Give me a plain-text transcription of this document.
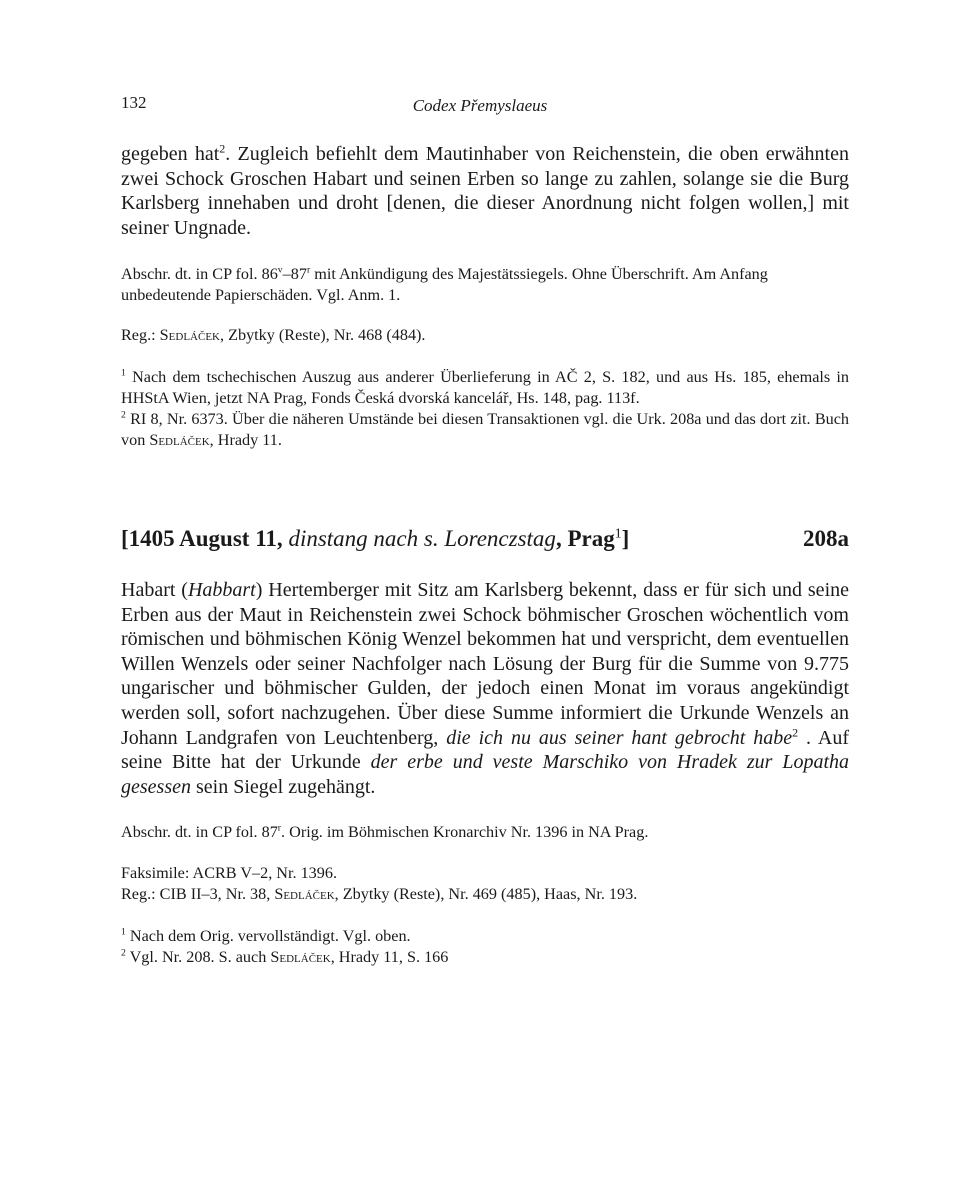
132	Codex Přemyslaeus

gegeben hat$^2$. Zugleich befiehlt dem Mautinhaber von Reichenstein, die oben erwähnten zwei Schock Groschen Habart und seinen Erben so lange zu zahlen, solange sie die Burg Karlsberg innehaben und droht [denen, die dieser Anordnung nicht folgen wollen,] mit seiner Ungnade.

Abschr. dt. in CP fol. 86$^v$–87$^r$ mit Ankündigung des Majestätssiegels. Ohne Überschrift. Am Anfang unbedeutende Papierschäden. Vgl. Anm. 1.

Reg.: Sedláček, Zbytky (Reste), Nr. 468 (484).

$^1$ Nach dem tschechischen Auszug aus anderer Überlieferung in AČ 2, S. 182, und aus Hs. 185, ehemals in HHStA Wien, jetzt NA Prag, Fonds Česká dvorská kancelář, Hs. 148, pag. 113f.

$^2$ RI 8, Nr. 6373. Über die näheren Umstände bei diesen Transaktionen vgl. die Urk. 208a und das dort zit. Buch von Sedláček, Hrady 11.

[1405 August 11, dinstang nach s. Lorenczstag, Prag$^1$]	208a

Habart (Habbart) Hertemberger mit Sitz am Karlsberg bekennt, dass er für sich und seine Erben aus der Maut in Reichenstein zwei Schock böhmischer Groschen wöchentlich vom römischen und böhmischen König Wenzel bekommen hat und verspricht, dem eventuellen Willen Wenzels oder seiner Nachfolger nach Lösung der Burg für die Summe von 9.775 ungarischer und böhmischer Gulden, der jedoch einen Monat im voraus angekündigt werden soll, sofort nachzugehen. Über diese Summe informiert die Urkunde Wenzels an Johann Landgrafen von Leuchtenberg, die ich nu aus seiner hant gebrocht habe$^2$ . Auf seine Bitte hat der Urkunde der erbe und veste Marschiko von Hradek zur Lopatha gesessen sein Siegel zugehängt.

Abschr. dt. in CP fol. 87$^r$. Orig. im Böhmischen Kronarchiv Nr. 1396 in NA Prag.

Faksimile: ACRB V–2, Nr. 1396.

Reg.: CIB II–3, Nr. 38, Sedláček, Zbytky (Reste), Nr. 469 (485), Haas, Nr. 193.

$^1$ Nach dem Orig. vervollständigt. Vgl. oben.

$^2$ Vgl. Nr. 208. S. auch Sedláček, Hrady 11, S. 166
